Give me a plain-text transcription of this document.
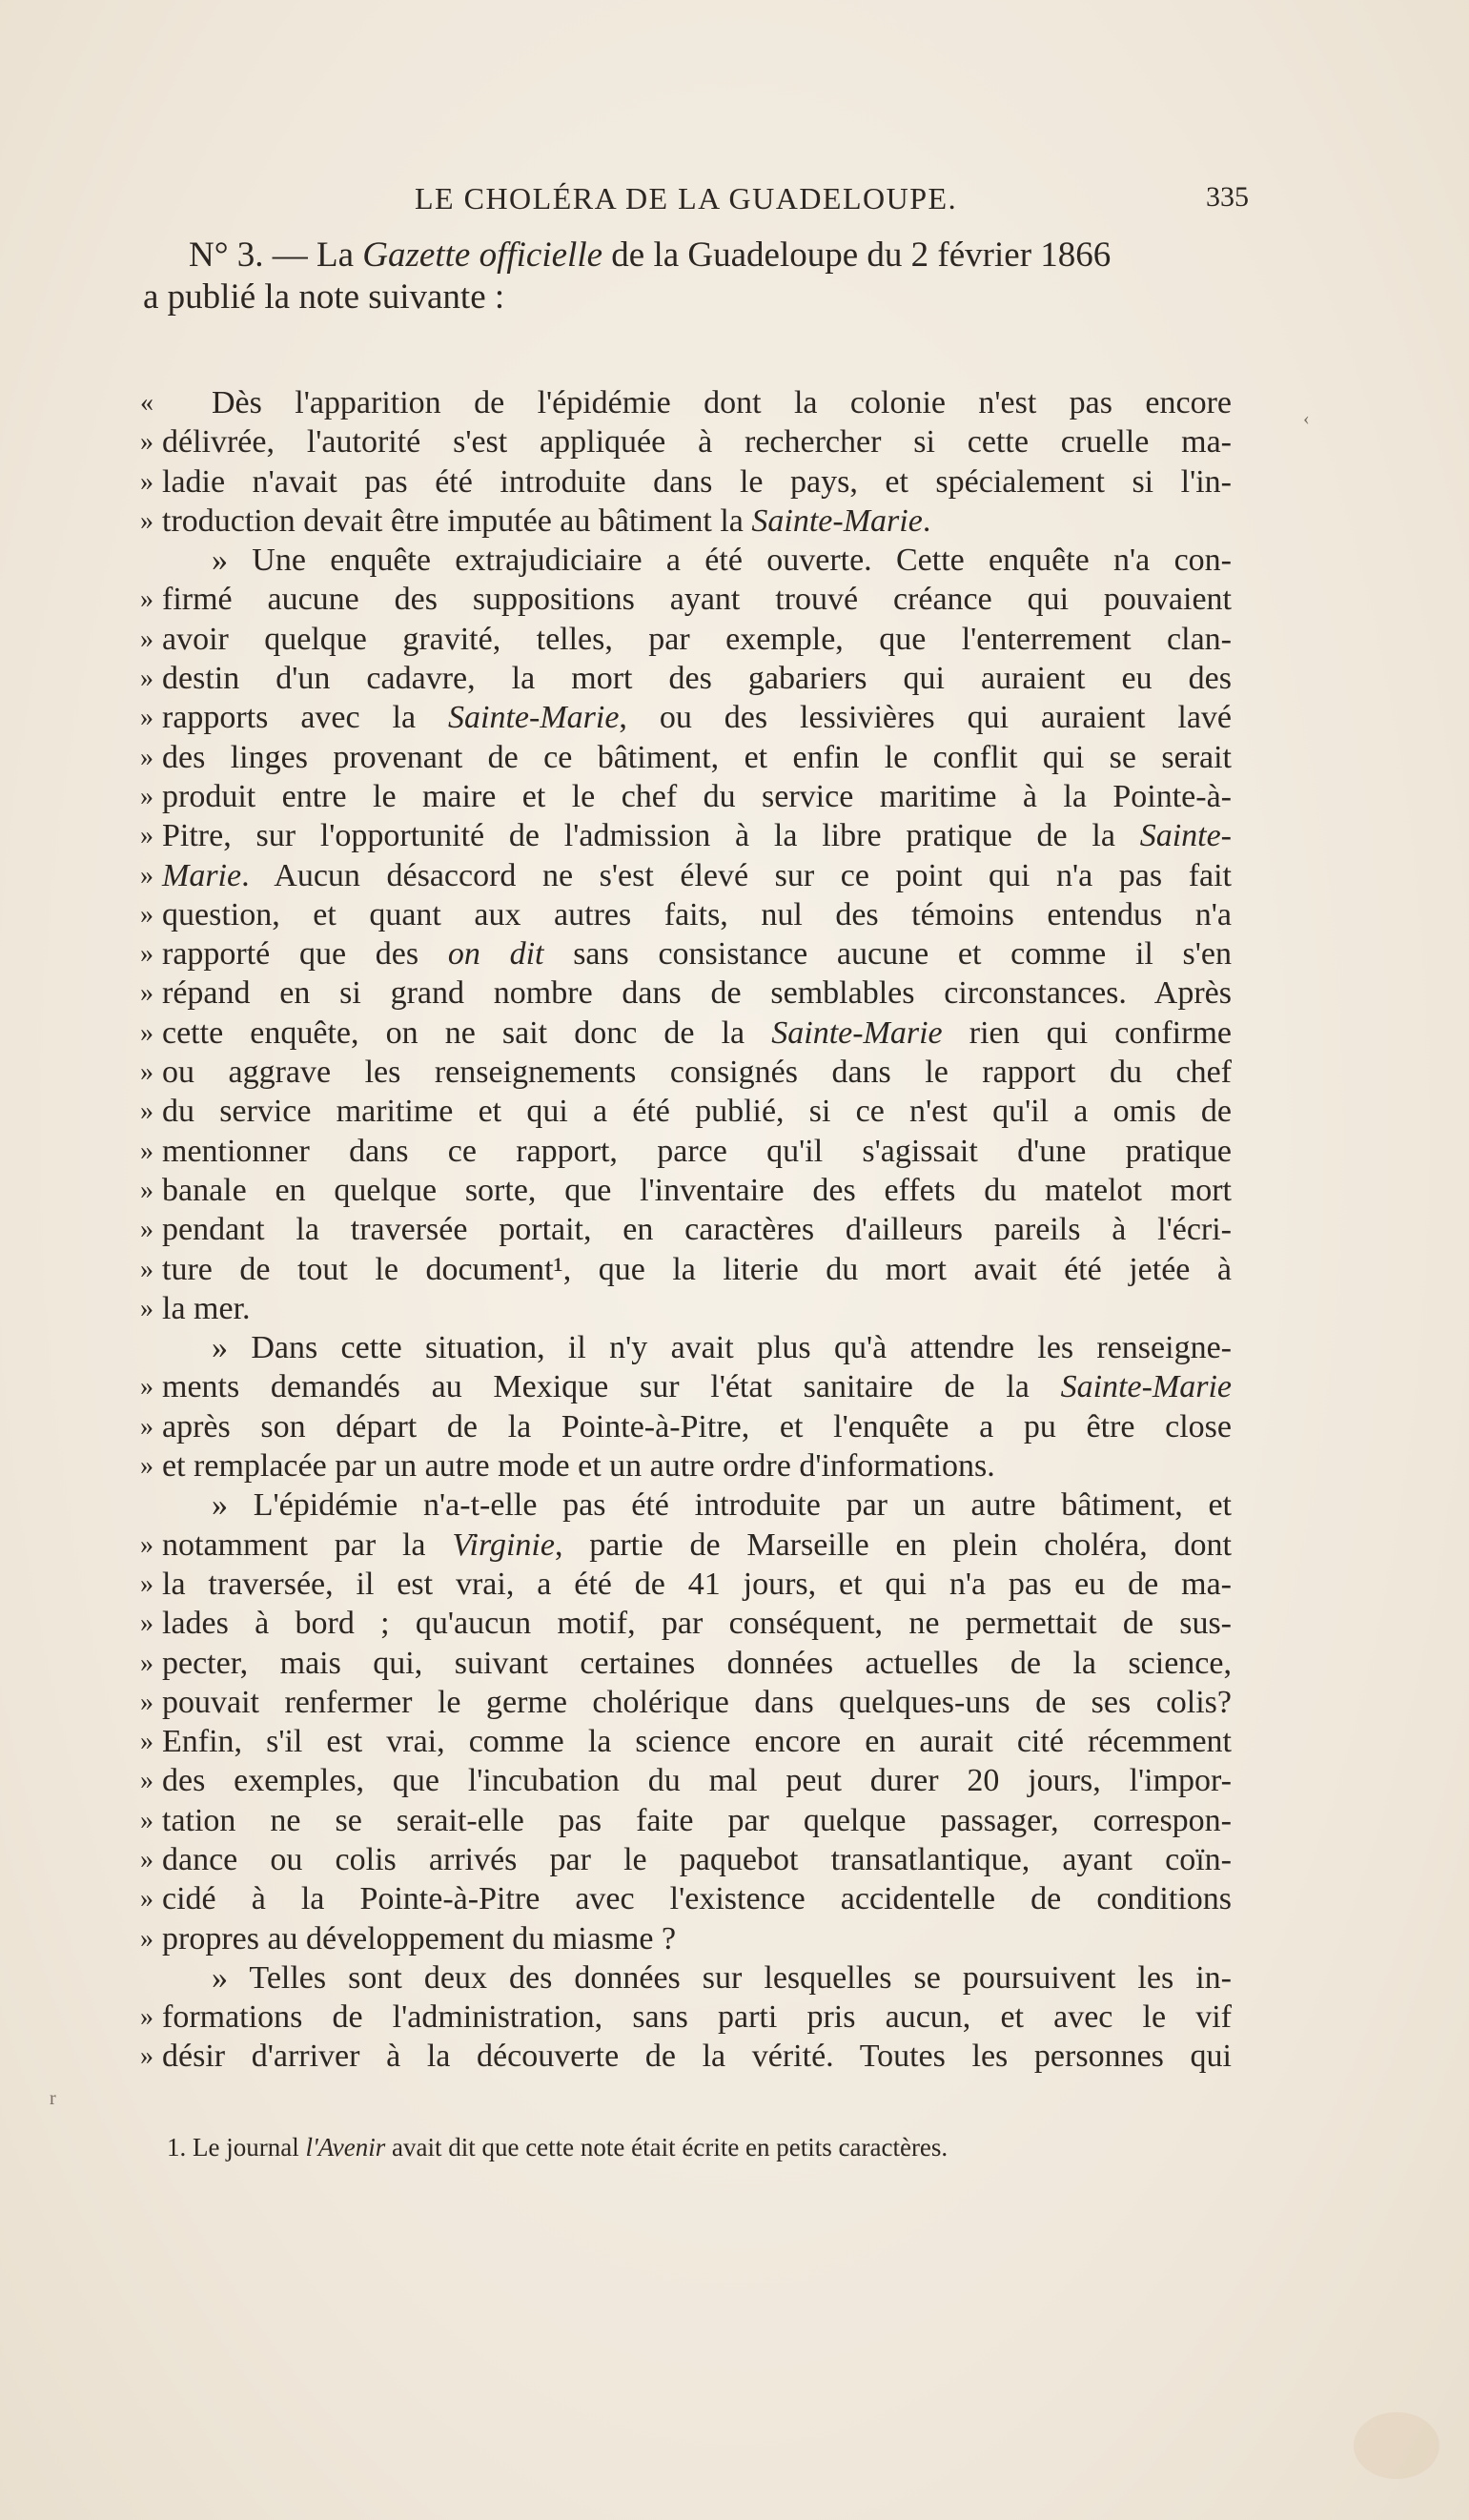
LE CHOLÉRA DE LA GUADELOUPE.	335
N° 3. — La Gazette officielle de la Guadeloupe du 2 février 1866
a publié la note suivante :
« Dès l'apparition de l'épidémie dont la colonie n'est pas encore
» délivrée, l'autorité s'est appliquée à rechercher si cette cruelle ma-
» ladie n'avait pas été introduite dans le pays, et spécialement si l'in-
» troduction devait être imputée au bâtiment la Sainte-Marie.
» Une enquête extrajudiciaire a été ouverte. Cette enquête n'a con-
» firmé aucune des suppositions ayant trouvé créance qui pouvaient
» avoir quelque gravité, telles, par exemple, que l'enterrement clan-
» destin d'un cadavre, la mort des gabariers qui auraient eu des
» rapports avec la Sainte-Marie, ou des lessivières qui auraient lavé
» des linges provenant de ce bâtiment, et enfin le conflit qui se serait
» produit entre le maire et le chef du service maritime à la Pointe-à-
» Pitre, sur l'opportunité de l'admission à la libre pratique de la Sainte-
» Marie. Aucun désaccord ne s'est élevé sur ce point qui n'a pas fait
» question, et quant aux autres faits, nul des témoins entendus n'a
» rapporté que des on dit sans consistance aucune et comme il s'en
» répand en si grand nombre dans de semblables circonstances. Après
» cette enquête, on ne sait donc de la Sainte-Marie rien qui confirme
» ou aggrave les renseignements consignés dans le rapport du chef
» du service maritime et qui a été publié, si ce n'est qu'il a omis de
» mentionner dans ce rapport, parce qu'il s'agissait d'une pratique
» banale en quelque sorte, que l'inventaire des effets du matelot mort
» pendant la traversée portait, en caractères d'ailleurs pareils à l'écri-
» ture de tout le document¹, que la literie du mort avait été jetée à
» la mer.
» Dans cette situation, il n'y avait plus qu'à attendre les renseigne-
» ments demandés au Mexique sur l'état sanitaire de la Sainte-Marie
» après son départ de la Pointe-à-Pitre, et l'enquête a pu être close
» et remplacée par un autre mode et un autre ordre d'informations.
» L'épidémie n'a-t-elle pas été introduite par un autre bâtiment, et
» notamment par la Virginie, partie de Marseille en plein choléra, dont
» la traversée, il est vrai, a été de 41 jours, et qui n'a pas eu de ma-
» lades à bord ; qu'aucun motif, par conséquent, ne permettait de sus-
» pecter, mais qui, suivant certaines données actuelles de la science,
» pouvait renfermer le germe cholérique dans quelques-uns de ses colis?
» Enfin, s'il est vrai, comme la science encore en aurait cité récemment
» des exemples, que l'incubation du mal peut durer 20 jours, l'impor-
» tation ne se serait-elle pas faite par quelque passager, correspon-
» dance ou colis arrivés par le paquebot transatlantique, ayant coïn-
» cidé à la Pointe-à-Pitre avec l'existence accidentelle de conditions
» propres au développement du miasme ?
» Telles sont deux des données sur lesquelles se poursuivent les in-
» formations de l'administration, sans parti pris aucun, et avec le vif
» désir d'arriver à la découverte de la vérité. Toutes les personnes qui
1. Le journal l'Avenir avait dit que cette note était écrite en petits caractères.
‹
r
